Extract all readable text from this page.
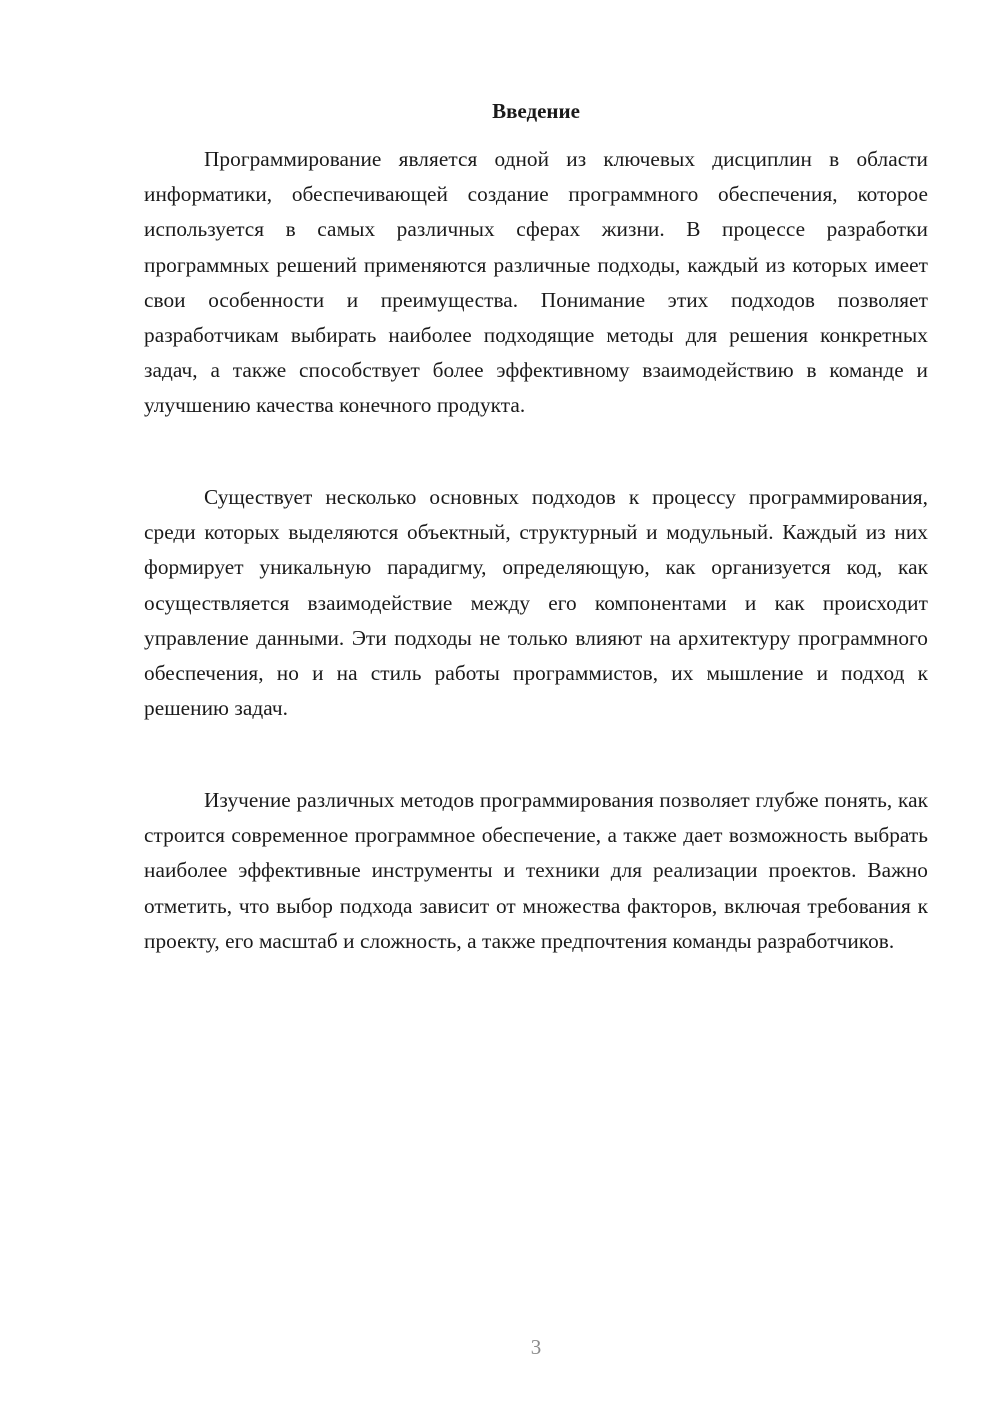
Введение

Программирование является одной из ключевых дисциплин в области информатики, обеспечивающей создание программного обеспечения, которое используется в самых различных сферах жизни. В процессе разработки программных решений применяются различные подходы, каждый из которых имеет свои особенности и преимущества. Понимание этих подходов позволяет разработчикам выбирать наиболее подходящие методы для решения конкретных задач, а также способствует более эффективному взаимодействию в команде и улучшению качества конечного продукта.

Существует несколько основных подходов к процессу программирования, среди которых выделяются объектный, структурный и модульный. Каждый из них формирует уникальную парадигму, определяющую, как организуется код, как осуществляется взаимодействие между его компонентами и как происходит управление данными. Эти подходы не только влияют на архитектуру программного обеспечения, но и на стиль работы программистов, их мышление и подход к решению задач.

Изучение различных методов программирования позволяет глубже понять, как строится современное программное обеспечение, а также дает возможность выбрать наиболее эффективные инструменты и техники для реализации проектов. Важно отметить, что выбор подхода зависит от множества факторов, включая требования к проекту, его масштаб и сложность, а также предпочтения команды разработчиков.

3
